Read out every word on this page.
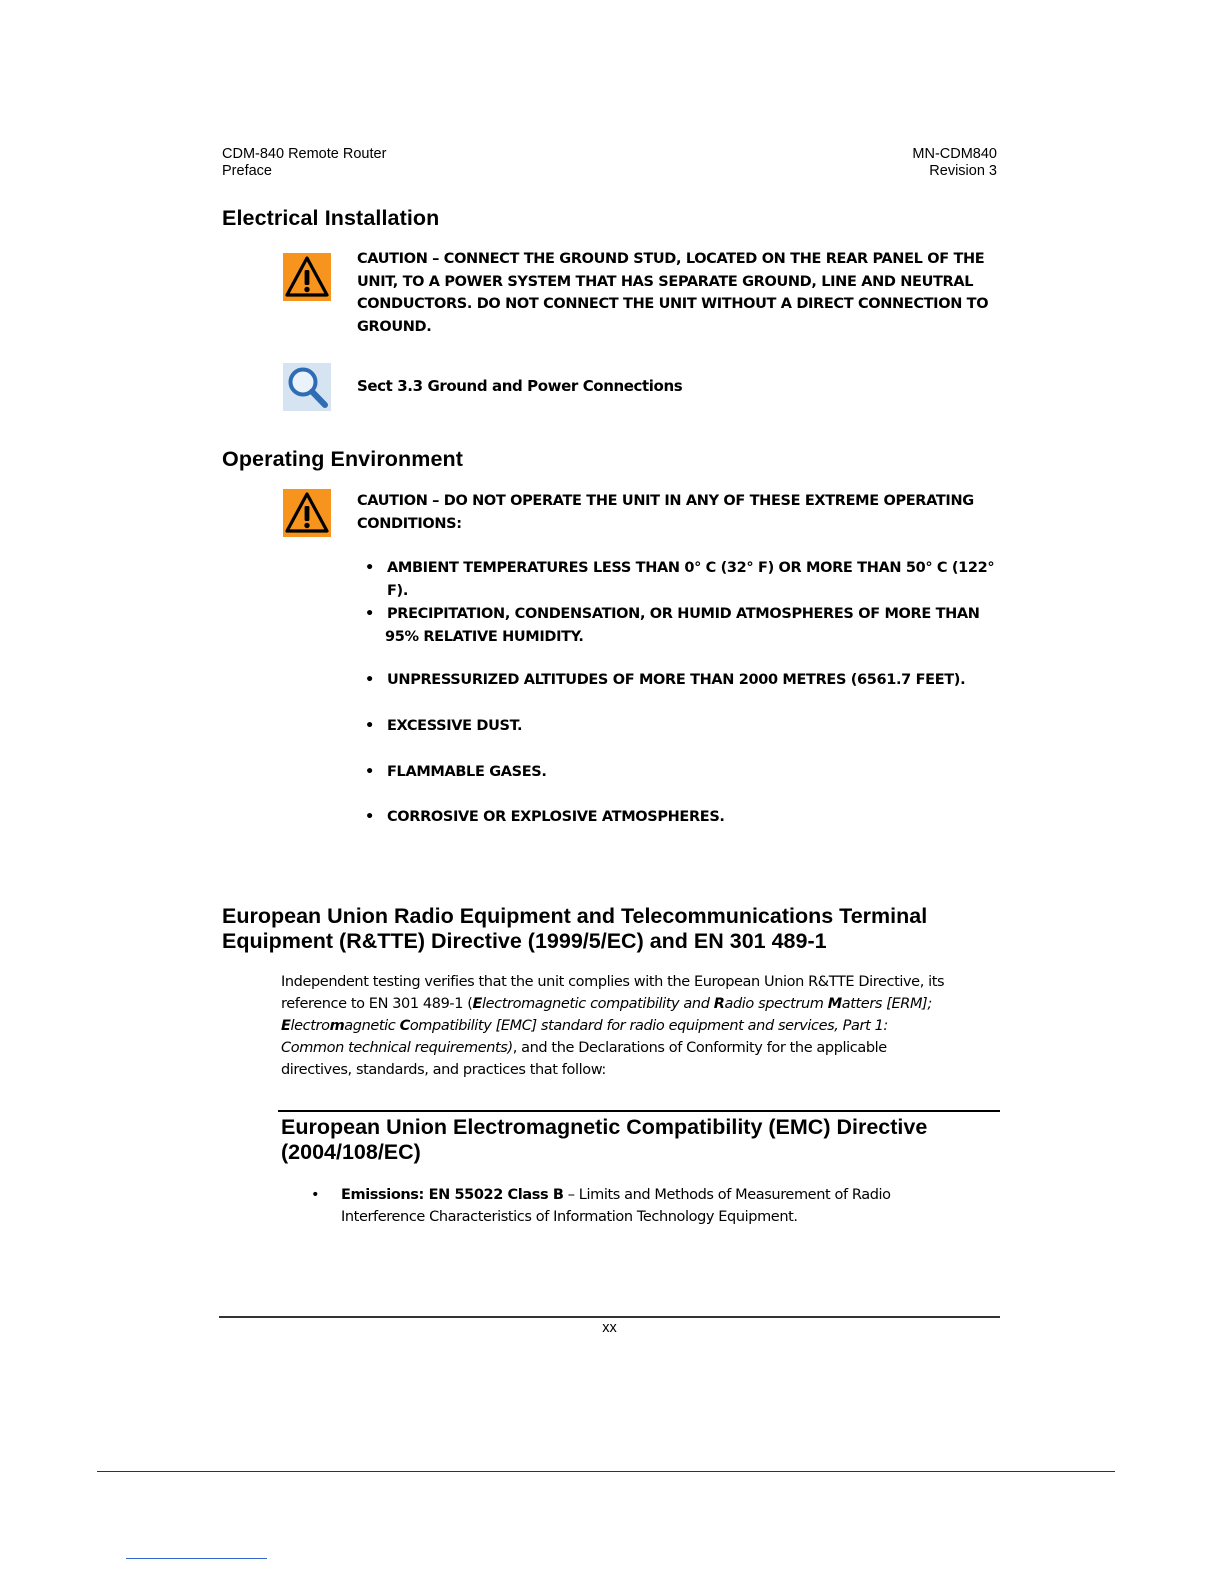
CDM-840 Remote Router
Preface
MN-CDM840
Revision 3
Electrical Installation
CAUTION – CONNECT THE GROUND STUD, LOCATED ON THE REAR PANEL OF THE
UNIT, TO A POWER SYSTEM THAT HAS SEPARATE GROUND, LINE AND NEUTRAL
CONDUCTORS. DO NOT CONNECT THE UNIT WITHOUT A DIRECT CONNECTION TO
GROUND.
Sect 3.3 Ground and Power Connections
Operating Environment
CAUTION – DO NOT OPERATE THE UNIT IN ANY OF THESE EXTREME OPERATING
CONDITIONS:
• AMBIENT TEMPERATURES LESS THAN 0° C (32° F) OR MORE THAN 50° C (122° F).
• PRECIPITATION, CONDENSATION, OR HUMID ATMOSPHERES OF MORE THAN
95% RELATIVE HUMIDITY.
• UNPRESSURIZED ALTITUDES OF MORE THAN 2000 METRES (6561.7 FEET).
• EXCESSIVE DUST.
• FLAMMABLE GASES.
• CORROSIVE OR EXPLOSIVE ATMOSPHERES.
European Union Radio Equipment and Telecommunications Terminal
Equipment (R&TTE) Directive (1999/5/EC) and EN 301 489-1
Independent testing verifies that the unit complies with the European Union R&TTE Directive, its
reference to EN 301 489-1 (Electromagnetic compatibility and Radio spectrum Matters [ERM];
Electromagnetic Compatibility [EMC] standard for radio equipment and services, Part 1:
Common technical requirements), and the Declarations of Conformity for the applicable
directives, standards, and practices that follow:
European Union Electromagnetic Compatibility (EMC) Directive
(2004/108/EC)
• Emissions: EN 55022 Class B – Limits and Methods of Measurement of Radio
Interference Characteristics of Information Technology Equipment.
xx
